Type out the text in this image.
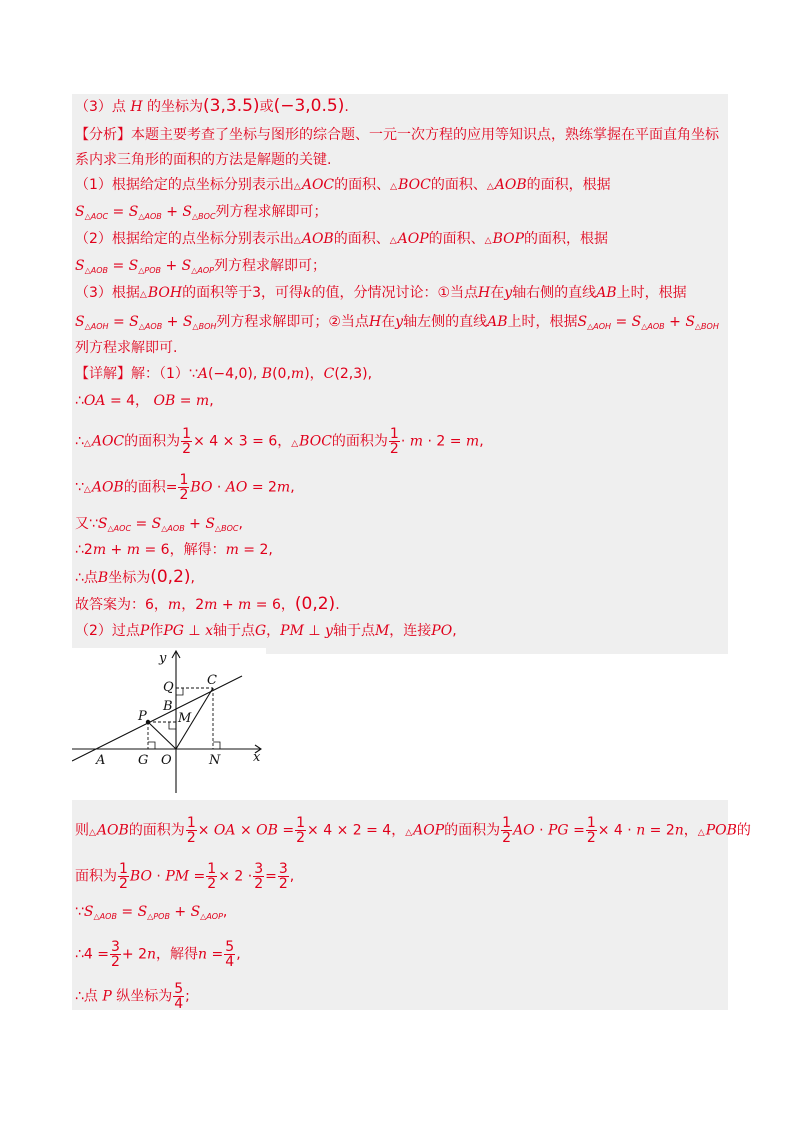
（3）点 H 的坐标为(3,3.5)或(−3,0.5).
【分析】本题主要考查了坐标与图形的综合题、一元一次方程的应用等知识点，熟练掌握在平面直角坐标
系内求三角形的面积的方法是解题的关键.
（1）根据给定的点坐标分别表示出△AOC的面积、△BOC的面积、△AOB的面积，根据
$S_{\triangle AOC} = S_{\triangle AOB} + S_{\triangle BOC}$列方程求解即可；
（2）根据给定的点坐标分别表示出△AOB的面积、△AOP的面积、△BOP的面积，根据
$S_{\triangle AOB} = S_{\triangle POB} + S_{\triangle AOP}$列方程求解即可；
（3）根据△BOH的面积等于3，可得k的值，分情况讨论：①当点H在y轴右侧的直线AB上时，根据
$S_{\triangle AOH} = S_{\triangle AOB} + S_{\triangle BOH}$列方程求解即可；②当点H在y轴左侧的直线AB上时，根据$S_{\triangle AOH} = S_{\triangle AOB} + S_{\triangle BOH}$
列方程求解即可.
【详解】解：（1）∵A(−4,0), B(0,m)，C(2,3),
∴OA = 4， OB = m,
∴△AOC的面积为 $\frac{1}{2} \times 4 \times 3 = 6$，△BOC的面积为 $\frac{1}{2} \cdot m \cdot 2 = m$,
∵△AOB的面积= $\frac{1}{2}$ BO · AO = 2m,
又$\because S_{\triangle AOC} = S_{\triangle AOB} + S_{\triangle BOC}$,
∴2m + m = 6，解得：m = 2,
∴点B坐标为(0,2),
故答案为：6，m，2m + m = 6，(0,2).
（2）过点P作PG ⊥ x轴于点G，PM ⊥ y轴于点M，连接PO,
y
x
Q	C
B
M
P
A	G O	N
则△AOB的面积为 $\frac{1}{2}$ × OA × OB = $\frac{1}{2} \times 4 \times 2 = 4$，△AOP的面积为 $\frac{1}{2}$ AO · PG = $\frac{1}{2} \times 4 \cdot n = 2n$，△POB的
面积为 $\frac{1}{2}$ BO · PM = $\frac{1}{2} \times 2 \cdot \frac{3}{2} = \frac{3}{2}$ ,
$\because S_{\triangle AOB} = S_{\triangle POB} + S_{\triangle AOP}$,
∴4 = $\frac{3}{2} + 2n$，解得$n = \frac{5}{4}$ ,
∴点 P 纵坐标为 $\frac{5}{4}$ ;
